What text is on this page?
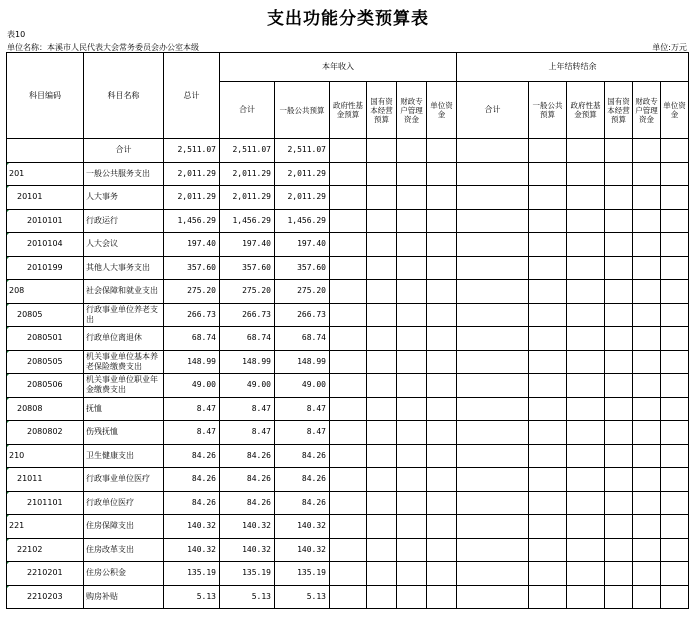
支出功能分类预算表
表10
单位名称：本溪市人民代表大会常务委员会办公室本级	单位:万元
科目编码	科目名称	总计	本年收入						上年结转结余					
			合计	一般公共预算	政府性基金预算	国有资本经营预算	财政专户管理资金	单位资金	合计	一般公共预算	政府性基金预算	国有资本经营预算	财政专户管理资金	单位资金
	合计	2,511.07	2,511.07	2,511.07										
201	一般公共服务支出	2,011.29	2,011.29	2,011.29										
20101	人大事务	2,011.29	2,011.29	2,011.29										
2010101	行政运行	1,456.29	1,456.29	1,456.29										
2010104	人大会议	197.40	197.40	197.40										
2010199	其他人大事务支出	357.60	357.60	357.60										
208	社会保障和就业支出	275.20	275.20	275.20										
20805	行政事业单位养老支出	266.73	266.73	266.73										
2080501	行政单位离退休	68.74	68.74	68.74										
2080505	机关事业单位基本养老保险缴费支出	148.99	148.99	148.99										
2080506	机关事业单位职业年金缴费支出	49.00	49.00	49.00										
20808	抚恤	8.47	8.47	8.47										
2080802	伤残抚恤	8.47	8.47	8.47										
210	卫生健康支出	84.26	84.26	84.26										
21011	行政事业单位医疗	84.26	84.26	84.26										
2101101	行政单位医疗	84.26	84.26	84.26										
221	住房保障支出	140.32	140.32	140.32										
22102	住房改革支出	140.32	140.32	140.32										
2210201	住房公积金	135.19	135.19	135.19										
2210203	购房补贴	5.13	5.13	5.13										
